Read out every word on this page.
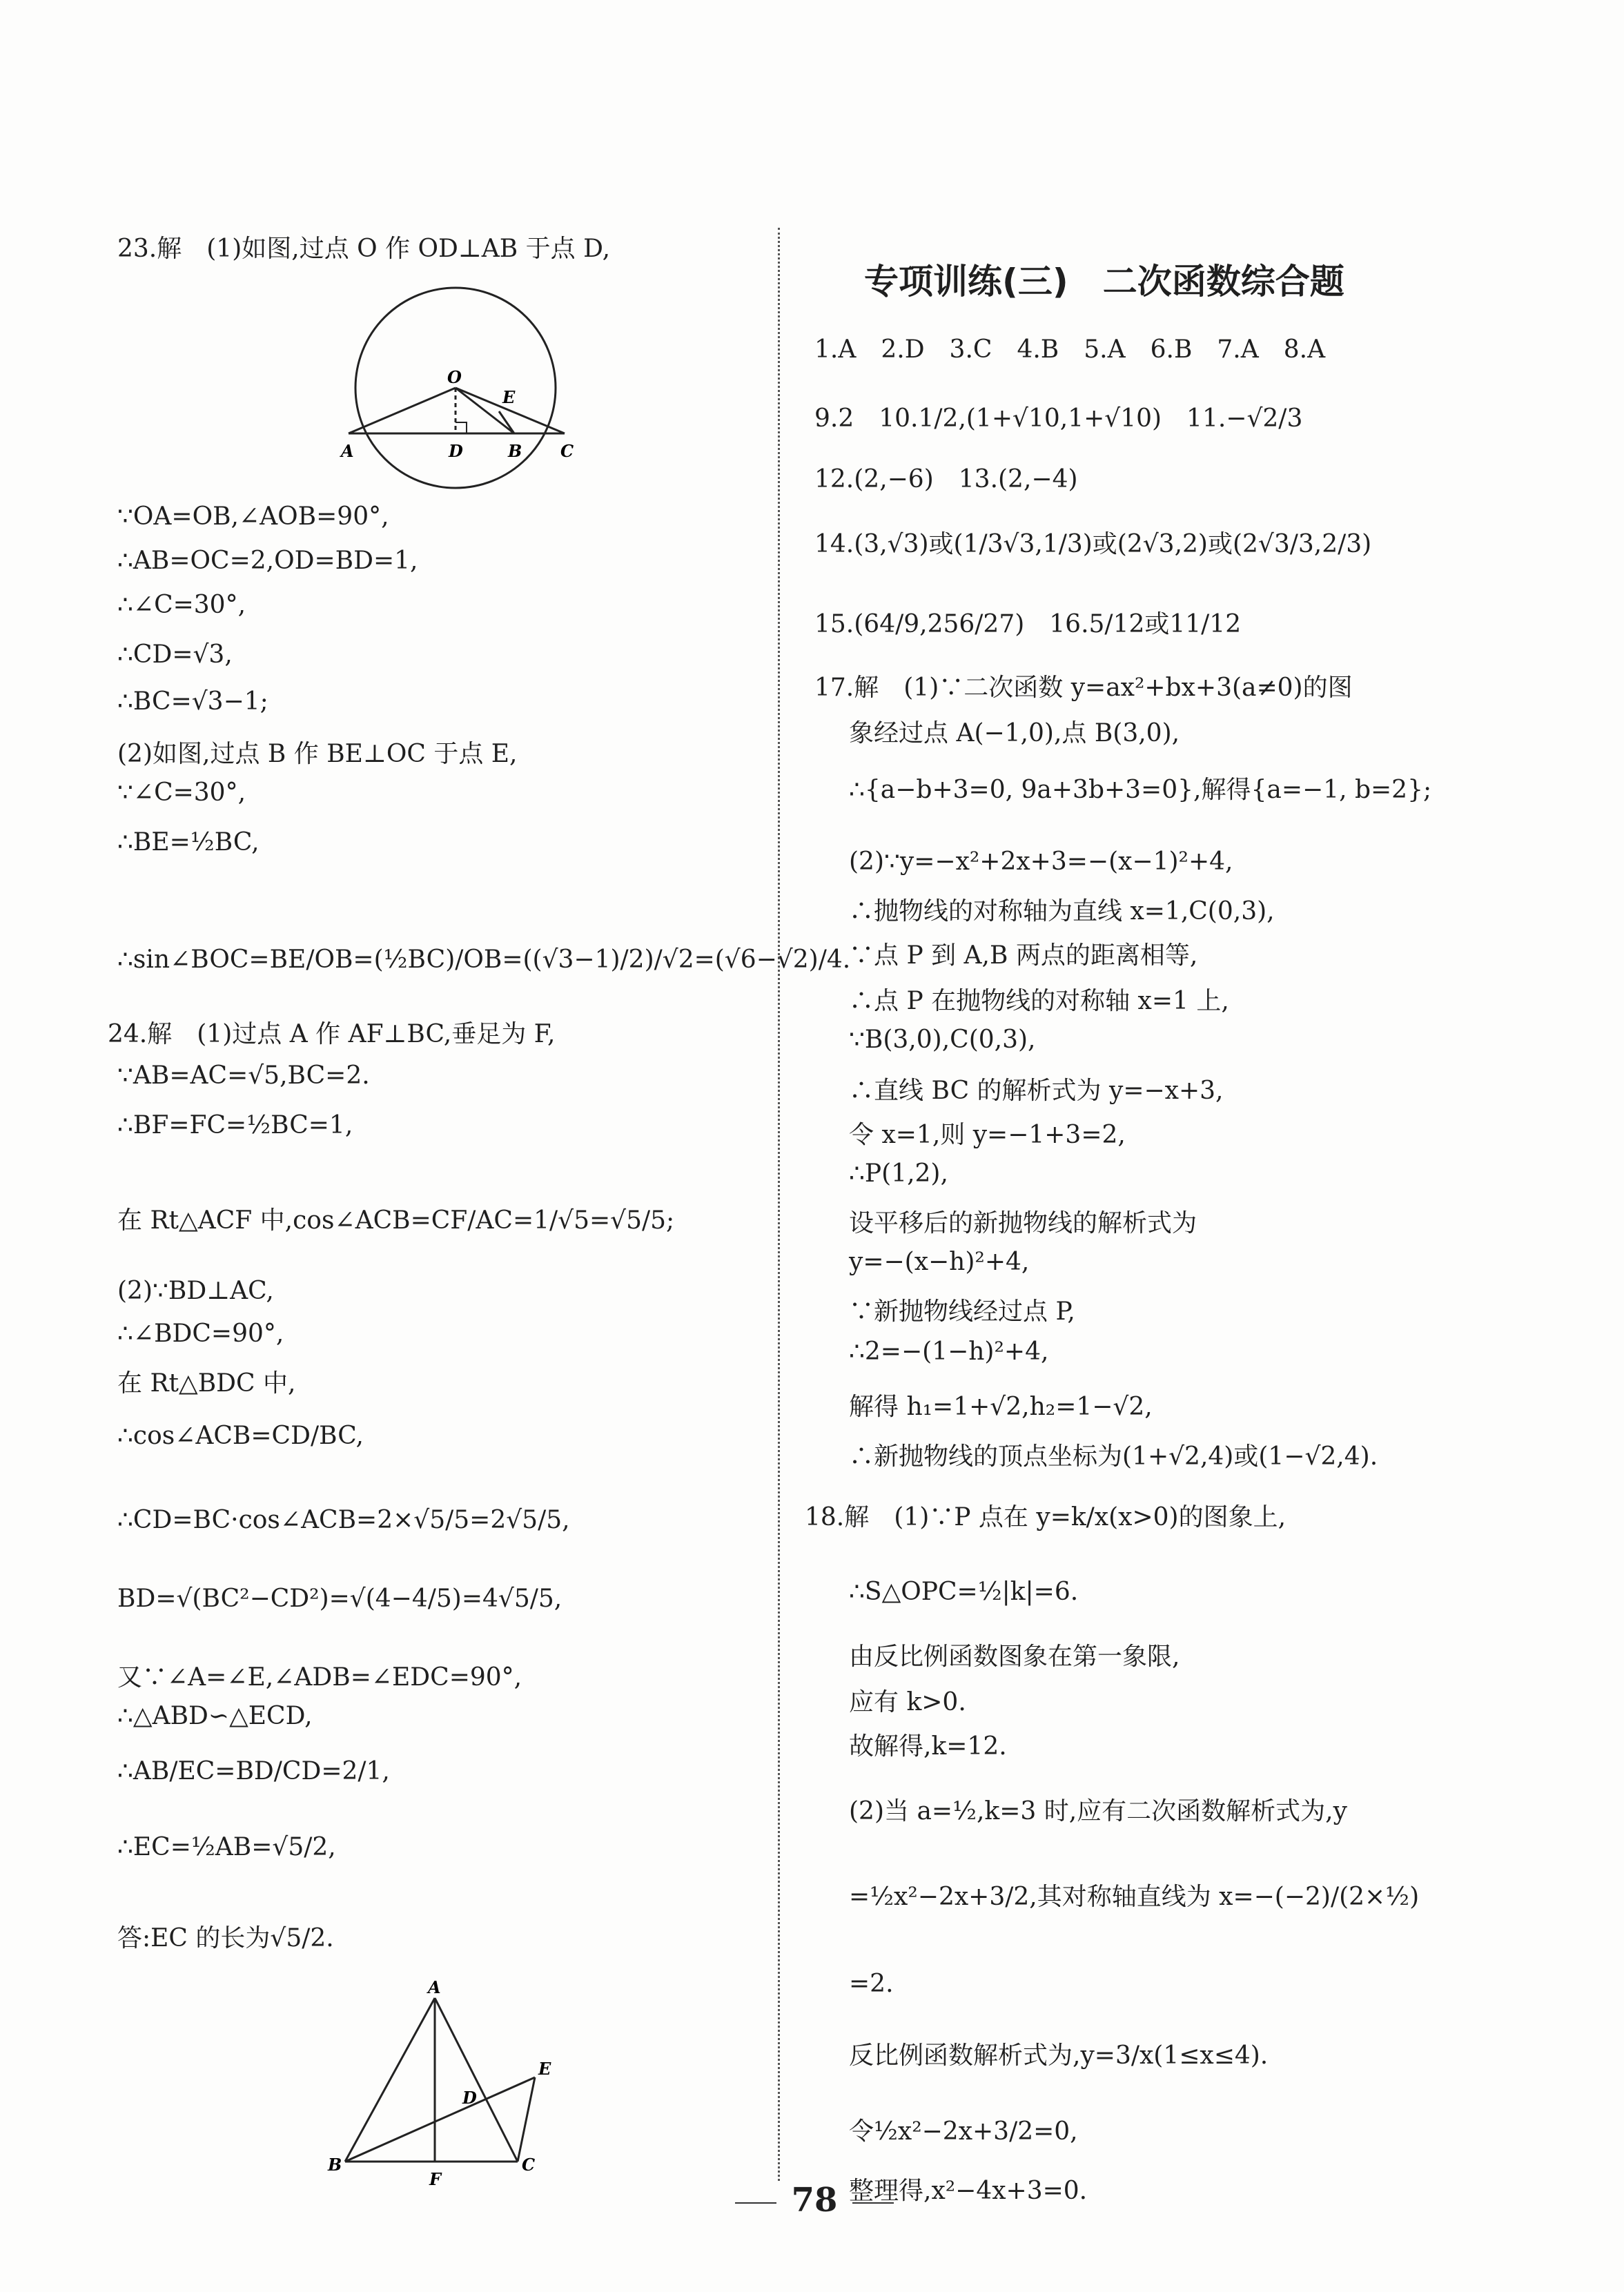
23.解　(1)如图,过点 O 作 OD⊥AB 于点 D,
O
E
A	D	B C
∵OA=OB,∠AOB=90°,
∴AB=OC=2,OD=BD=1,
∴∠C=30°,
∴CD=√3,
∴BC=√3−1;
(2)如图,过点 B 作 BE⊥OC 于点 E,
∵∠C=30°,
∴BE=½BC,
∴sin∠BOC=BE/OB=(½BC)/OB=((√3−1)/2)/√2=(√6−√2)/4.
24.解　(1)过点 A 作 AF⊥BC,垂足为 F,
∵AB=AC=√5,BC=2.
∴BF=FC=½BC=1,
在 Rt△ACF 中,cos∠ACB=CF/AC=1/√5=√5/5;
(2)∵BD⊥AC,
∴∠BDC=90°,
在 Rt△BDC 中,
∴cos∠ACB=CD/BC,
∴CD=BC·cos∠ACB=2×√5/5=2√5/5,
BD=√(BC²−CD²)=√(4−4/5)=4√5/5,
又∵∠A=∠E,∠ADB=∠EDC=90°,
∴△ABD∽△ECD,
∴AB/EC=BD/CD=2/1,
∴EC=½AB=√5/2,
答:EC 的长为√5/2.
A
E
D
B
F
C
专项训练(三)　二次函数综合题
1.A　2.D　3.C　4.B　5.A　6.B　7.A　8.A
9.2　10.1/2,(1+√10,1+√10)　11.−√2/3
12.(2,−6)　13.(2,−4)
14.(3,√3)或(1/3√3,1/3)或(2√3,2)或(2√3/3,2/3)
15.(64/9,256/27)　16.5/12或11/12
17.解　(1)∵二次函数 y=ax²+bx+3(a≠0)的图
象经过点 A(−1,0),点 B(3,0),
∴{a−b+3=0, 9a+3b+3=0},解得{a=−1, b=2};
(2)∵y=−x²+2x+3=−(x−1)²+4,
∴抛物线的对称轴为直线 x=1,C(0,3),
∵点 P 到 A,B 两点的距离相等,
∴点 P 在抛物线的对称轴 x=1 上,
∵B(3,0),C(0,3),
∴直线 BC 的解析式为 y=−x+3,
令 x=1,则 y=−1+3=2,
∴P(1,2),
设平移后的新抛物线的解析式为
y=−(x−h)²+4,
∵新抛物线经过点 P,
∴2=−(1−h)²+4,
解得 h₁=1+√2,h₂=1−√2,
∴新抛物线的顶点坐标为(1+√2,4)或(1−√2,4).
18.解　(1)∵P 点在 y=k/x(x>0)的图象上,
∴S△OPC=½|k|=6.
由反比例函数图象在第一象限,
应有 k>0.
故解得,k=12.
(2)当 a=½,k=3 时,应有二次函数解析式为,y
=½x²−2x+3/2,其对称轴直线为 x=−(−2)/(2×½)
=2.
反比例函数解析式为,y=3/x(1≤x≤4).
令½x²−2x+3/2=0,
整理得,x²−4x+3=0.
78
